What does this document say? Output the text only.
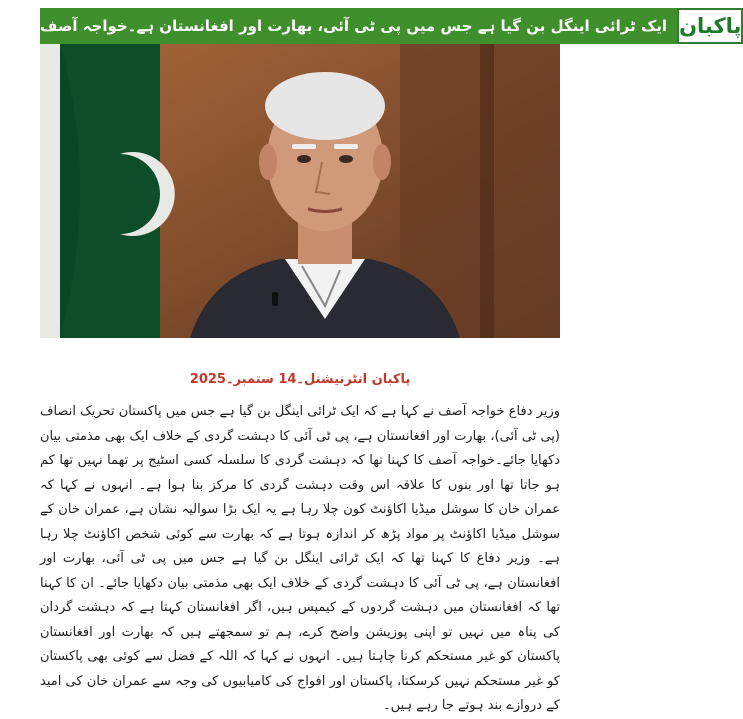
ایک ٹرائی اینگل بن گیا ہے جس میں پی ٹی آئی، بھارت اور افغانستان ہے۔خواجہ آصف پاکبان
پاکبان انٹرنیشنل۔14 ستمبر۔2025

وزیر دفاع خواجہ آصف نے کہا ہے کہ ایک ٹرائی اینگل بن گیا ہے جس میں پاکستان تحریک انصاف (پی ٹی آئی)، بھارت اور افغانستان ہے، پی ٹی آئی کا دہشت گردی کے خلاف ایک بھی مذمتی بیان دکھایا جائے۔خواجہ آصف کا کہنا تھا کہ دہشت گردی کا سلسلہ کسی اسٹیج پر تھما نہیں تھا کم ہو جاتا تھا اور بنوں کا علاقہ اس وقت دہشت گردی کا مرکز بنا ہوا ہے۔ انہوں نے کہا کہ عمران خان کا سوشل میڈیا اکاؤنٹ کون چلا رہا ہے یہ ایک بڑا سوالیہ نشان ہے، عمران خان کے سوشل میڈیا اکاؤنٹ پر مواد پڑھ کر اندازہ ہوتا ہے کہ بھارت سے کوئی شخص اکاؤنٹ چلا رہا ہے۔ وزیر دفاع کا کہنا تھا کہ ایک ٹرائی اینگل بن گیا ہے جس میں پی ٹی آئی، بھارت اور افغانستان ہے، پی ٹی آئی کا دہشت گردی کے خلاف ایک بھی مذمتی بیان دکھایا جائے۔ ان کا کہنا تھا کہ افغانستان میں دہشت گردوں کے کیمپس ہیں، اگر افغانستان کہتا ہے کہ دہشت گردان کی پناہ میں نہیں تو اپنی پوزیشن واضح کرے، ہم تو سمجھتے ہیں کہ بھارت اور افغانستان پاکستان کو غیر مستحکم کرنا چاہتا ہیں۔ انہوں نے کہا کہ اللہ کے فضل سے کوئی بھی پاکستان کو غیر مستحکم نہیں کرسکتا، پاکستان اور افواج کی کامیابیوں کی وجہ سے عمران خان کی امید کے دروازے بند ہوتے جا رہے ہیں۔
